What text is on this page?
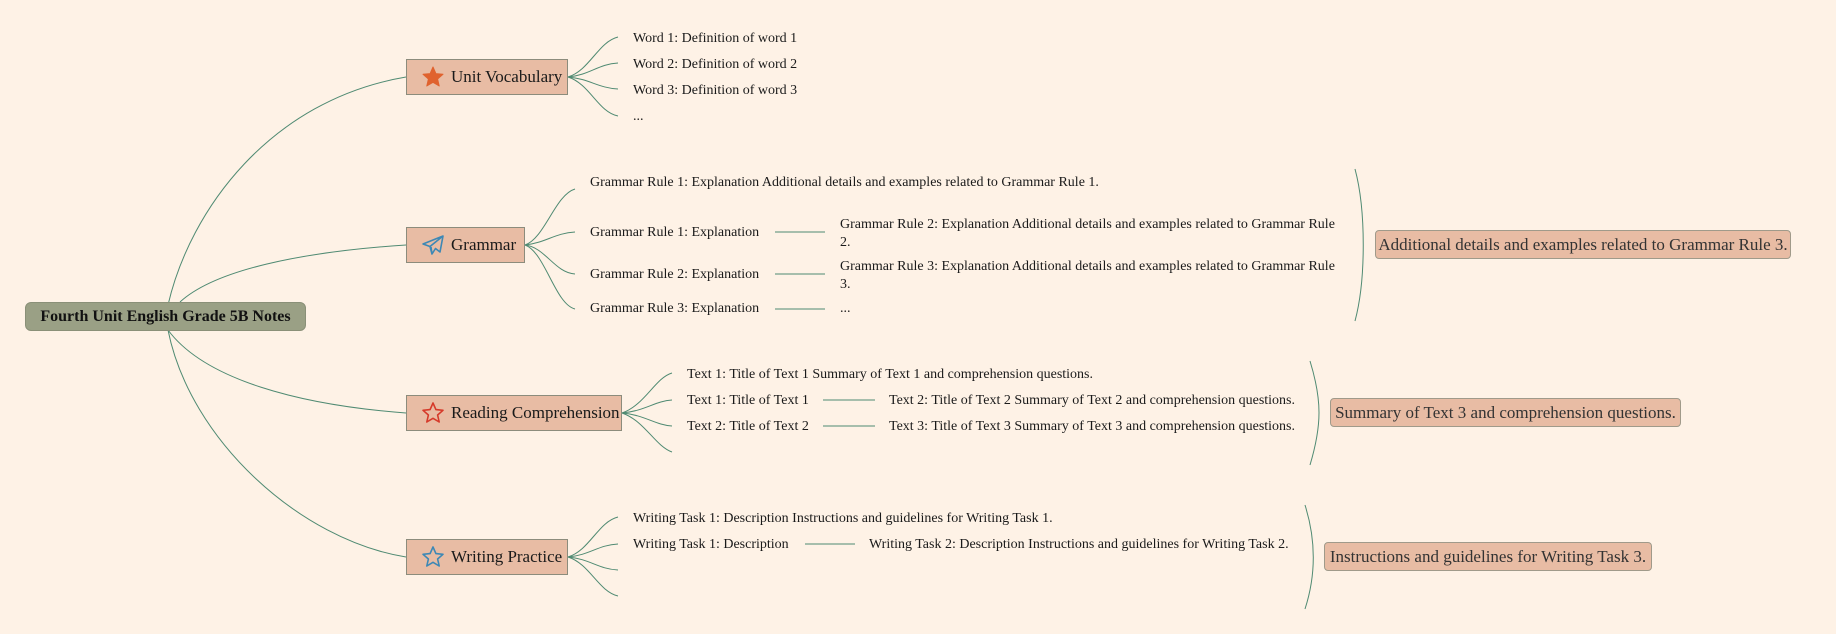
Fourth Unit English Grade 5B Notes
Unit Vocabulary
Word 1: Definition of word 1
Word 2: Definition of word 2
Word 3: Definition of word 3
...
Grammar
Grammar Rule 1: Explanation Additional details and examples related to Grammar Rule 1.
Grammar Rule 1: Explanation
Grammar Rule 2: Explanation
Grammar Rule 3: Explanation
Grammar Rule 2: Explanation Additional details and examples related to Grammar Rule 2.
Grammar Rule 3: Explanation Additional details and examples related to Grammar Rule 3.
...
Additional details and examples related to Grammar Rule 3.
Reading Comprehension
Text 1: Title of Text 1 Summary of Text 1 and comprehension questions.
Text 1: Title of Text 1
Text 2: Title of Text 2
Text 2: Title of Text 2 Summary of Text 2 and comprehension questions.
Text 3: Title of Text 3 Summary of Text 3 and comprehension questions.
Summary of Text 3 and comprehension questions.
Writing Practice
Writing Task 1: Description Instructions and guidelines for Writing Task 1.
Writing Task 1: Description	Writing Task 2: Description Instructions and guidelines for Writing Task 2.
Instructions and guidelines for Writing Task 3.
